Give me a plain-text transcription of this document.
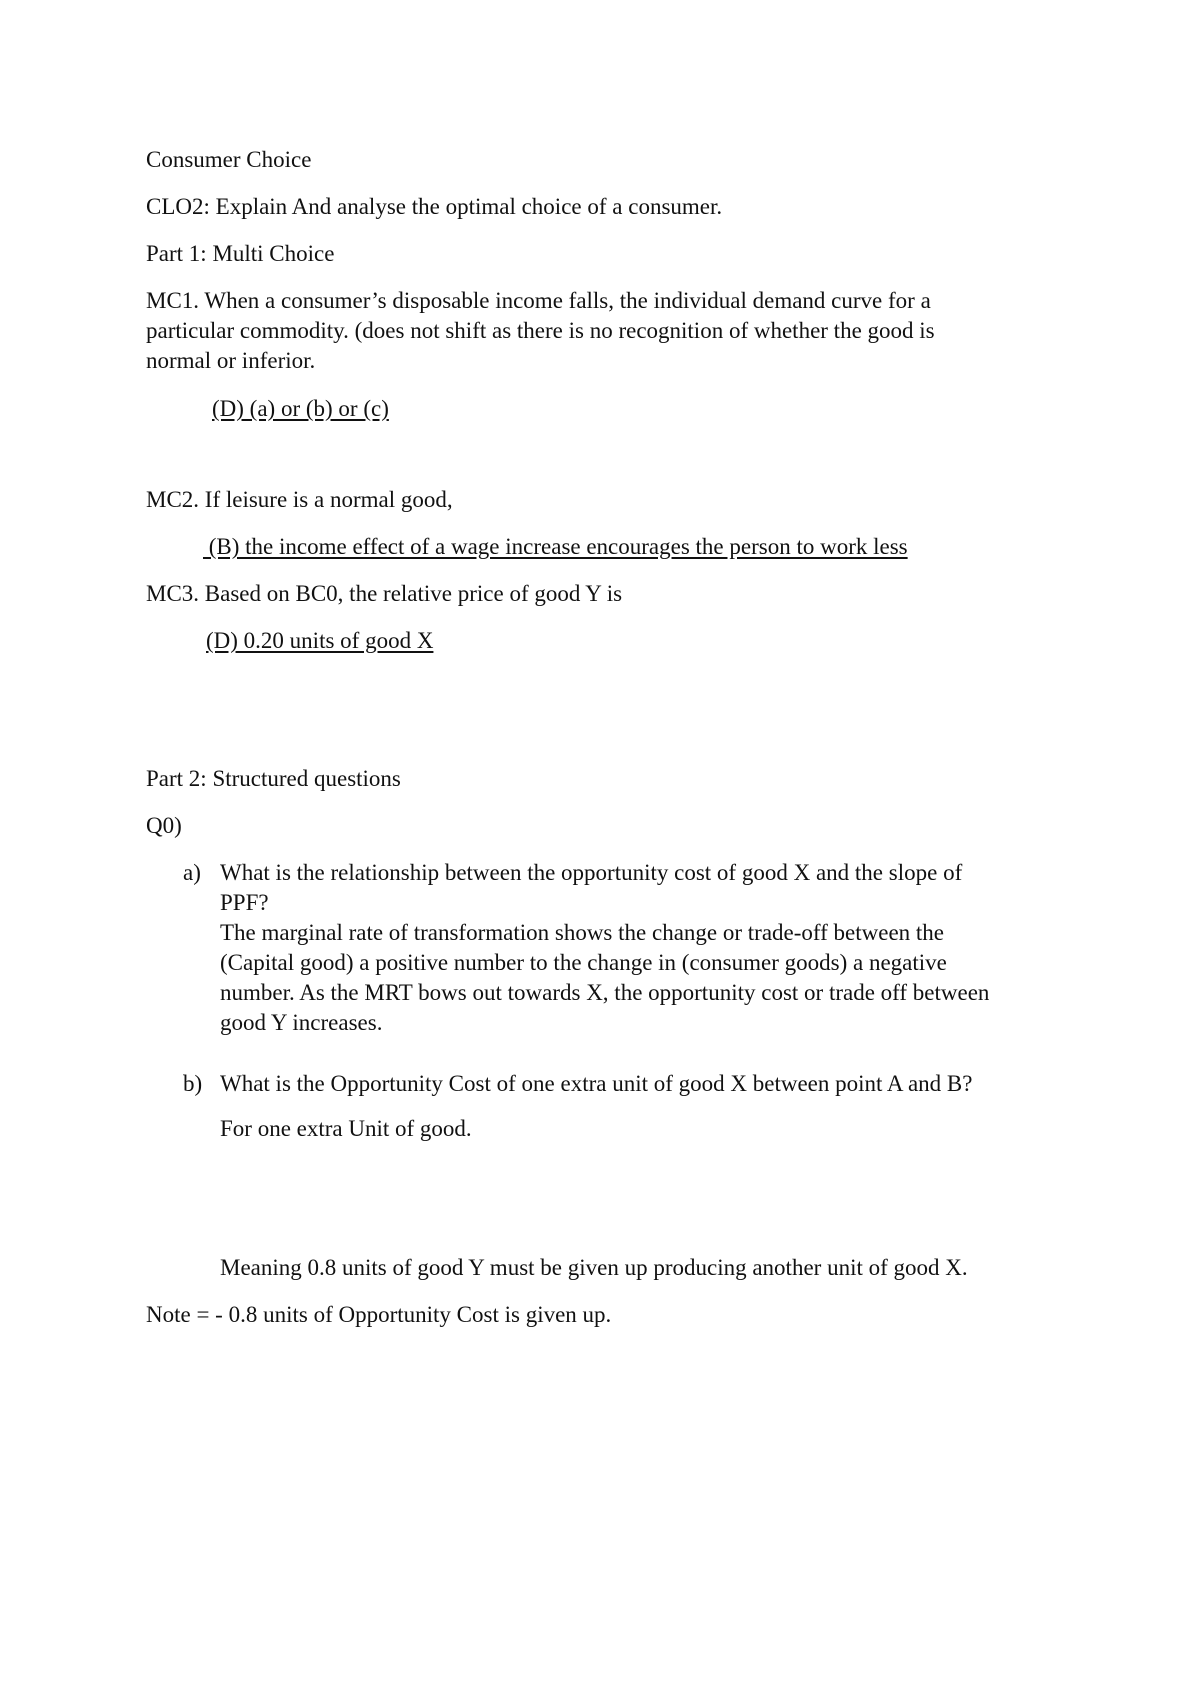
Consumer Choice
CLO2: Explain And analyse the optimal choice of a consumer.
Part 1: Multi Choice
MC1. When a consumer’s disposable income falls, the individual demand curve for a
particular commodity. (does not shift as there is no recognition of whether the good is
normal or inferior.
(D) (a) or (b) or (c)
MC2. If leisure is a normal good,
(B) the income effect of a wage increase encourages the person to work less
MC3. Based on BC0, the relative price of good Y is
(D) 0.20 units of good X
Part 2: Structured questions
Q0)
a) What is the relationship between the opportunity cost of good X and the slope of
PPF?
The marginal rate of transformation shows the change or trade-off between the
(Capital good) a positive number to the change in (consumer goods) a negative
number. As the MRT bows out towards X, the opportunity cost or trade off between
good Y increases.
b) What is the Opportunity Cost of one extra unit of good X between point A and B?
For one extra Unit of good.
Meaning 0.8 units of good Y must be given up producing another unit of good X.
Note = - 0.8 units of Opportunity Cost is given up.
